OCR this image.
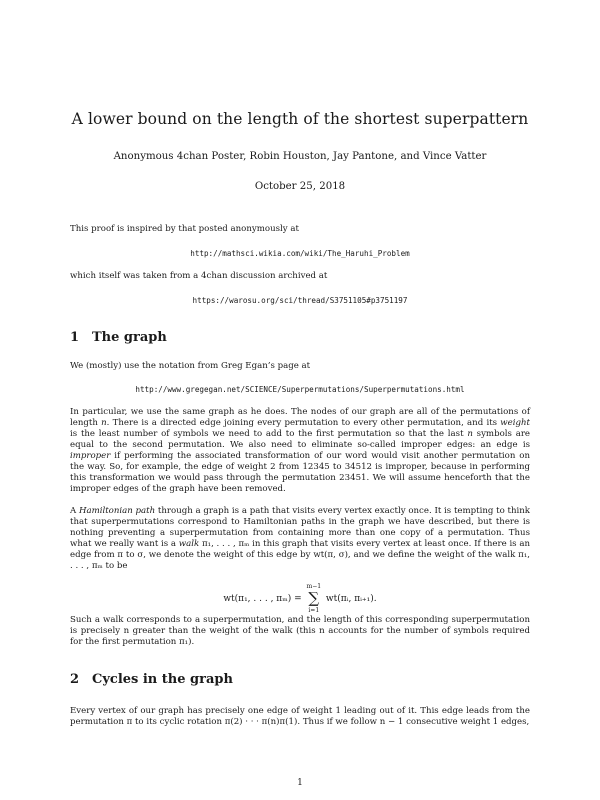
A lower bound on the length of the shortest superpattern
Anonymous 4chan Poster, Robin Houston, Jay Pantone, and Vince Vatter
October 25, 2018
This proof is inspired by that posted anonymously at
http://mathsci.wikia.com/wiki/The_Haruhi_Problem
which itself was taken from a 4chan discussion archived at
https://warosu.org/sci/thread/S3751105#p3751197
1 The graph
We (mostly) use the notation from Greg Egan’s page at
http://www.gregegan.net/SCIENCE/Superpermutations/Superpermutations.html
In particular, we use the same graph as he does. The nodes of our graph are all of the permutations of length n. There is a directed edge joining every permutation to every other permutation, and its weight is the least number of symbols we need to add to the first permutation so that the last n symbols are equal to the second permutation. We also need to eliminate so-called improper edges: an edge is improper if performing the associated transformation of our word would visit another permutation on the way. So, for example, the edge of weight 2 from 12345 to 34512 is improper, because in performing this transformation we would pass through the permutation 23451. We will assume henceforth that the improper edges of the graph have been removed.
A Hamiltonian path through a graph is a path that visits every vertex exactly once. It is tempting to think that superpermutations correspond to Hamiltonian paths in the graph we have described, but there is nothing preventing a superpermutation from containing more than one copy of a permutation. Thus what we really want is a walk π₁, . . . , πₘ in this graph that visits every vertex at least once. If there is an edge from π to σ, we denote the weight of this edge by wt(π, σ), and we define the weight of the walk π₁, . . . , πₘ to be
wt(π₁, . . . , πₘ) =
m−1
∑
i=1
wt(πᵢ, πᵢ₊₁).
Such a walk corresponds to a superpermutation, and the length of this corresponding superpermutation is precisely n greater than the weight of the walk (this n accounts for the number of symbols required for the first permutation π₁).
2 Cycles in the graph
Every vertex of our graph has precisely one edge of weight 1 leading out of it. This edge leads from the permutation π to its cyclic rotation π(2) · · · π(n)π(1). Thus if we follow n − 1 consecutive weight 1 edges,
1
